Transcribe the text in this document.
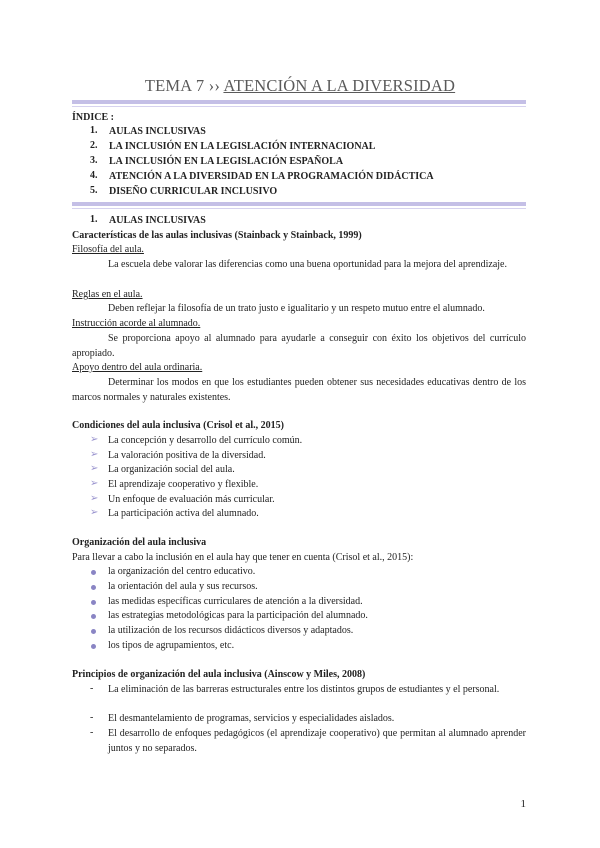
TEMA 7 ›› ATENCIÓN A LA DIVERSIDAD
ÍNDICE :
1. AULAS INCLUSIVAS
2. LA INCLUSIÓN EN LA LEGISLACIÓN INTERNACIONAL
3. LA INCLUSIÓN EN LA LEGISLACIÓN ESPAÑOLA
4. ATENCIÓN A LA DIVERSIDAD EN LA PROGRAMACIÓN DIDÁCTICA
5. DISEÑO CURRICULAR INCLUSIVO
1. AULAS INCLUSIVAS
Características de las aulas inclusivas (Stainback y Stainback, 1999)
Filosofía del aula.
La escuela debe valorar las diferencias como una buena oportunidad para la mejora del aprendizaje.
Reglas en el aula.
Deben reflejar la filosofía de un trato justo e igualitario y un respeto mutuo entre el alumnado.
Instrucción acorde al alumnado.
Se proporciona apoyo al alumnado para ayudarle a conseguir con éxito los objetivos del currículo apropiado.
Apoyo dentro del aula ordinaria.
Determinar los modos en que los estudiantes pueden obtener sus necesidades educativas dentro de los marcos normales y naturales existentes.
Condiciones del aula inclusiva (Crisol et al., 2015)
➢ La concepción y desarrollo del currículo común.
➢ La valoración positiva de la diversidad.
➢ La organización social del aula.
➢ El aprendizaje cooperativo y flexible.
➢ Un enfoque de evaluación más curricular.
➢ La participación activa del alumnado.
Organización del aula inclusiva
Para llevar a cabo la inclusión en el aula hay que tener en cuenta (Crisol et al., 2015):
la organización del centro educativo.
la orientación del aula y sus recursos.
las medidas específicas curriculares de atención a la diversidad.
las estrategias metodológicas para la participación del alumnado.
la utilización de los recursos didácticos diversos y adaptados.
los tipos de agrupamientos, etc.
Principios de organización del aula inclusiva (Ainscow y Miles, 2008)
- La eliminación de las barreras estructurales entre los distintos grupos de estudiantes y el personal.
- El desmantelamiento de programas, servicios y especialidades aislados.
- El desarrollo de enfoques pedagógicos (el aprendizaje cooperativo) que permitan al alumnado aprender juntos y no separados.
1
